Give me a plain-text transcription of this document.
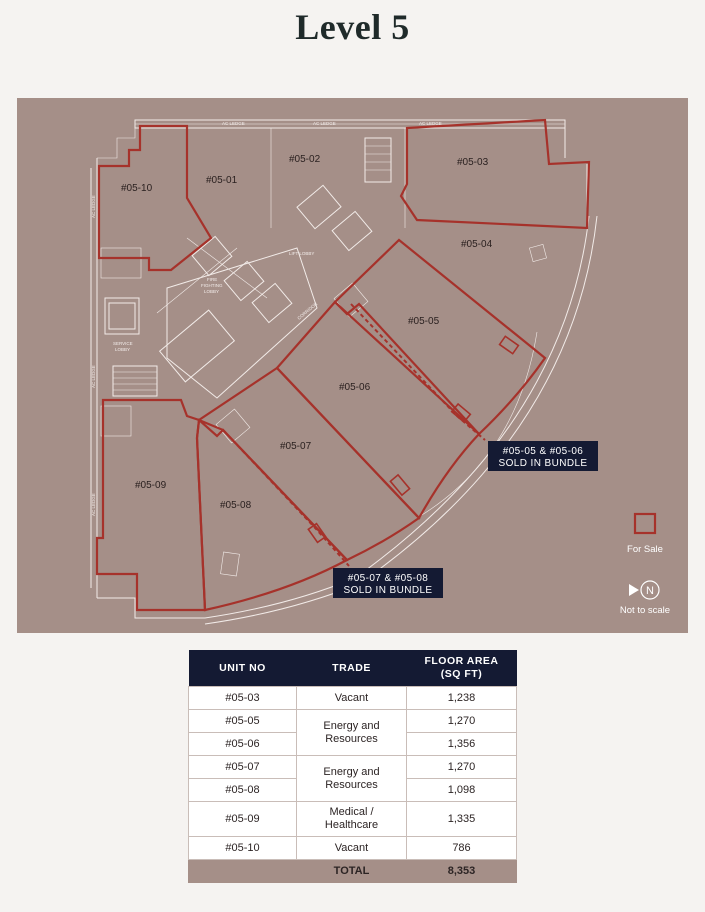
Level 5
AC LEDGE	AC LEDGE	AC LEDGE
AC LEDGE
AC LEDGE
AC LEDGE
LIFT LOBBY
FIRE
FIGHTING
LOBBY
CORRIDOR
SERVICE
LOBBY
#05-10
#05-01
#05-02	#05-03
#05-04
#05-05
#05-06
#05-07
#05-09
#05-08
#05-05 & #05-06
SOLD IN BUNDLE
#05-07 & #05-08
SOLD IN BUNDLE
For Sale
N
Not to scale
UNIT NO	TRADE	FLOOR AREA
(SQ FT)
#05-03	Vacant	1,238
#05-05	Energy and
Resources	1,270
#05-06		1,356
#05-07	Energy and
Resources	1,270
#05-08		1,098
#05-09	Medical /
Healthcare	1,335
#05-10	Vacant	786
	TOTAL	8,353
